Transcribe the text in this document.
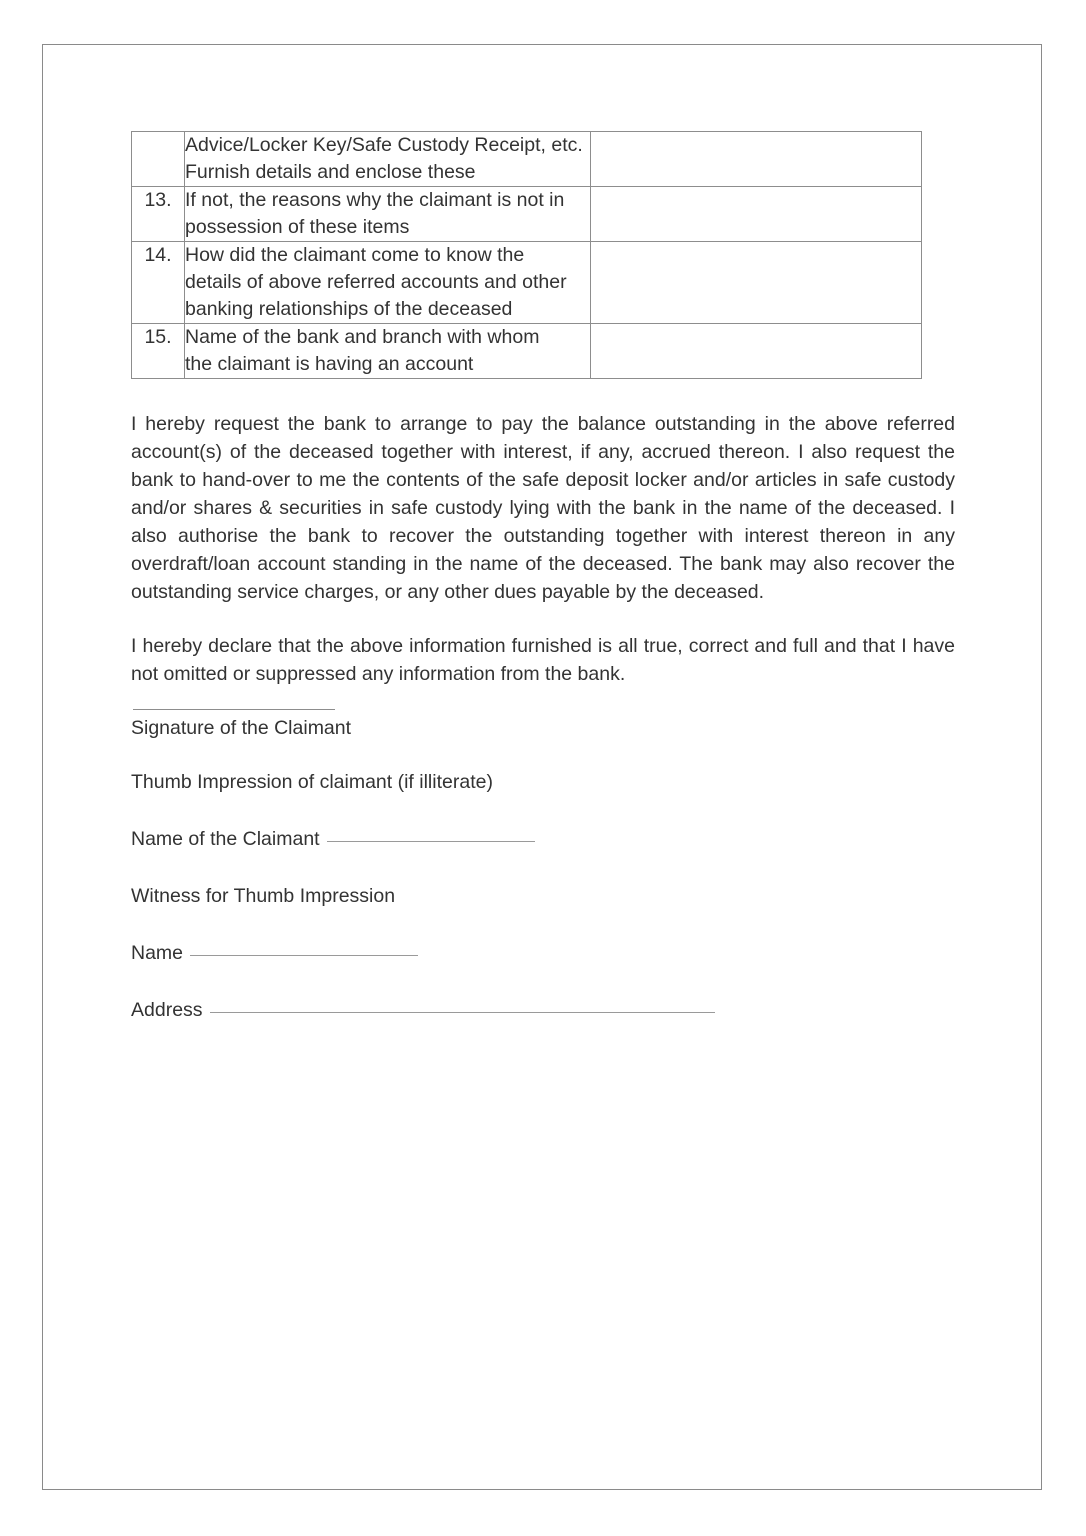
	Advice/Locker Key/Safe Custody Receipt, etc.
Furnish details and enclose these	

13.	If not, the reasons why the claimant is not in
possession of these items	

14.	How did the claimant come to know the
details of above referred accounts and other
banking relationships of the deceased	

15.	Name of the bank and branch with whom
the claimant is having an account	

I hereby request the bank to arrange to pay the balance outstanding in the above referred account(s) of the deceased together with interest, if any, accrued thereon. I also request the bank to hand-over to me the contents of the safe deposit locker and/or articles in safe custody and/or shares & securities in safe custody lying with the bank in the name of the deceased. I also authorise the bank to recover the outstanding together with interest thereon in any overdraft/loan account standing in the name of the deceased. The bank may also recover the outstanding service charges, or any other dues payable by the deceased.

I hereby declare that the above information furnished is all true, correct and full and that I have not omitted or suppressed any information from the bank.

Signature of the Claimant
Thumb Impression of claimant (if illiterate)
Name of the Claimant
Witness for Thumb Impression
Name
Address
